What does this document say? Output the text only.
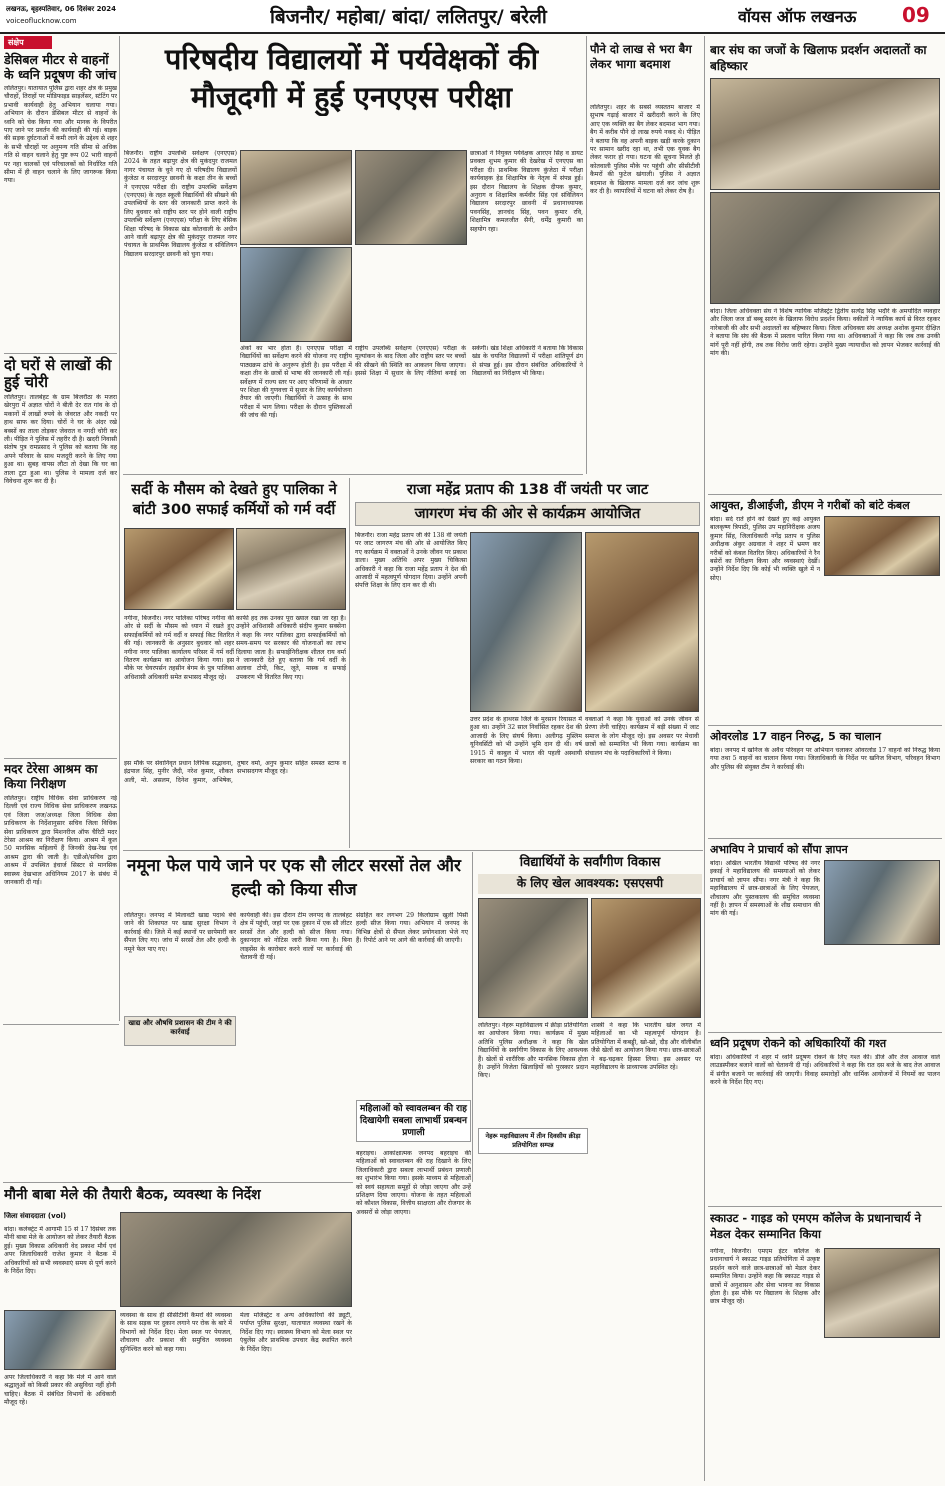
लखनऊ, बृहस्पतिवार, 06 दिसंबर 2024
voiceoflucknow.com	बिजनौर/ महोबा/ बांदा/ ललितपुर/ बरेली	वॉयस ऑफ लखनऊ	09
संक्षेप
डेसिबल मीटर से वाहनों के ध्वनि प्रदूषण की जांच
ललितपुर। यातायात पुलिस द्वारा शहर क्षेत्र के प्रमुख चौराहों, तिराहों पर मोडिफाइड साइलेंसर, स्टंटिंग पर प्रभावी कार्यवाही हेतु अभियान चलाया गया। अभियान के दौरान डेसिबल मीटर से वाहनों के ध्वनि को चेक किया गया और मानक के विपरीत पाए जाने पर प्रवर्तन की कार्यवाही की गई। बाइक की सड़क दुर्घटनाओं में कमी लाने के उद्देश्य से शहर के सभी चौराहों पर अनुमन्य गति सीमा से अधिक गति से वाहन चलाने हेतु पुष्ट रूप 02 भारी वाहनों पर नहा चालकों एवं परिचालकों को निर्धारित गति सीमा में ही वाहन चलाने के लिए जागरूक किया गया।
दो घरों से लाखों की हुई चोरी
ललितपुर। तालबेहट के ग्राम बिजरौठा के मजरा खेरपुरा में अज्ञात चोरों ने बीती देर रात गांव के दो मकानों में लाखों रुपये के जेवरात और नकदी पर हाथ साफ कर दिया। चोरों ने घर के अंदर रखे बक्सों का ताला तोड़कर जेवरात व नगदी चोरी कर ली। पीड़ित ने पुलिस में तहरीर दी है। खदरी निवासी संतोष पुत्र रामप्रसाद ने पुलिस को बताया कि वह अपने परिवार के साथ मजदूरी करने के लिए गया हुआ था। सुबह वापस लौटा तो देखा कि घर का ताला टूटा हुआ था। पुलिस ने मामला दर्ज कर विवेचना शुरू कर दी है।
मदर टेरेसा आश्रम का किया निरीक्षण
ललितपुर। राष्ट्रीय विधिक सेवा प्राधिकरण नई दिल्ली एवं राज्य विधिक सेवा प्राधिकरण लखनऊ एवं जिला जज/अध्यक्ष जिला विधिक सेवा प्राधिकरण के निर्देशानुसार सचिव जिला विधिक सेवा प्राधिकरण द्वारा मिशनरीज ऑफ चैरिटी मदर टेरेसा आश्रम का निरीक्षण किया। आश्रम में कुल 50 मानसिक महिलायें हैं जिनकी देख-रेख एवं आश्रम द्वारा की जाती है। एडीओ/सचिव द्वारा आश्रम में उपस्थित इंचार्ज सिस्टर से मानसिक स्वास्थ्य देखभाल अधिनियम 2017 के संबंध में जानकारी दी गई।
परिषदीय विद्यालयों में पर्यवेक्षकों की मौजूदगी में हुई एनएएस परीक्षा
बिजनौर। राष्ट्रीय उपलब्धि सर्वेक्षण (एनएएस) 2024 के तहत बढ़ापुर क्षेत्र की मुकंदपुर राजमल नागर पंचायत के चुने गए दो परिषदीय विद्यालयों कुंजेठा व सरदारपुर छावनी के कक्षा तीन के बच्चों ने एनएएस परीक्षा दी। राष्ट्रीय उपलब्धि सर्वेक्षण (एनएएस) के तहत स्कूली विद्यार्थियों की सीखने की उपलब्धियों के स्तर की जानकारी प्राप्त करने के लिए बुधवार को राष्ट्रीय स्तर पर होने वाली राष्ट्रीय उपलब्धि सर्वेक्षण (एनएएस) परीक्षा के लिए बेसिक शिक्षा परिषद के विकास खंड कोतवाली के अधीन आने वाली बढ़ापुर क्षेत्र की मुकंदपुर राजमल नगर पंचायत के प्राथमिक विद्यालय कुंजेठा व संविलियन विद्यालय सरदारपुर छावनी को चुना गया।
अंकों का भार होता है। एनएएस परीक्षा में विद्यार्थियों का सर्वेक्षण करने की योजना नए राष्ट्रीय पाठ्यक्रम ढांचे के अनुरूप होती है। इस परीक्षा में कक्षा तीन के छात्रों से भाषा की जानकारी ली गई। सर्वेक्षण में राज्य स्तर पर आए परिणामों के आधार पर शिक्षा की गुणवत्ता में सुधार के लिए कार्ययोजना तैयार की जाएगी। विद्यार्थियों ने उत्साह के साथ परीक्षा में भाग लिया। परीक्षा के दौरान पुस्तिकाओं की जांच की गई।
छात्राओं ने नियुक्त पर्यवेक्षक आरएन सिंह व डायट प्रवक्ता शुभम कुमार की देखरेख में एनएएस का परीक्षा दी। प्राथमिक विद्यालय कुंजेठा में परीक्षा कार्यवाहक हेड शिक्षामित्र के नेतृत्व में संपन्न हुई। इस दौरान विद्यालय के शिक्षक दीपक कुमार, अनुराग व शिक्षामित्र कर्मवीर सिंह एवं संविलियन विद्यालय सरदारपुर छावनी में प्रधानाध्यापक पवनसिंह, ज्ञानचंद सिंह, पवन कुमार रवि, शिक्षामित्र कमलजीत सैनी, धर्मेंद्र कुमारी का सहयोग रहा।
राष्ट्रीय उपलब्धि सर्वेक्षण (एनएएस) परीक्षा के मूल्यांकन के बाद जिला और राष्ट्रीय स्तर पर बच्चों की सीखने की स्थिति का आकलन किया जाएगा। इससे शिक्षा में सुधार के लिए नीतियां बनाई जा सकेंगी। खंड शिक्षा अधिकारी ने बताया कि विकास खंड के चयनित विद्यालयों में परीक्षा शांतिपूर्ण ढंग से संपन्न हुई। इस दौरान संबंधित अधिकारियों ने विद्यालयों का निरीक्षण भी किया।
सर्दी के मौसम को देखते हुए पालिका ने बांटी 300 सफाई कर्मियों को गर्म वर्दी
नगीना, बिजनौर। नगर पालिका परिषद नगीना की ओर से सर्दी के मौसम को ध्यान में रखते हुए सफाईकर्मियों को गर्म वर्दी व सफाई किट वितरित की गई। जानकारी के अनुसार बुधवार को शहर नगीना नगर पालिका कार्यालय परिसर में गर्म वर्दी वितरण कार्यक्रम का आयोजन किया गया। इस मौके पर चेयरपर्सन तहसीन बेगम के पुत्र पालिका अधिशासी अधिकारी समेत सभासद मौजूद रहे।
काफी हद तक उनका पूरा ख्याल रखा जा रहा है। उन्होंने अधिशासी अधिकारी संदीप कुमार सक्सेना ने कहा कि नगर पालिका द्वारा सफाईकर्मियों को समय-समय पर सरकार की योजनाओं का लाभ दिलाया जाता है। सफाईनिरीक्षक शीतल राय वर्मा ने जानकारी देते हुए बताया कि गर्म वर्दी के अलावा टोपी, किट, जूते, मास्क व सफाई उपकरण भी वितरित किए गए।
इस मौके पर सेवानिवृत प्रधान लिपिक सद्भावना, इंद्रपाल सिंह, मुनीर जैदी, नरेश कुमार, शौकत अली, मो. असलम, दिनेश कुमार, अभिषेक, तुषार वर्मा, अनुप कुमार सहित समस्त स्टाफ व सभासदगण मौजूद रहे।
राजा महेंद्र प्रताप की 138 वीं जयंती पर जाट
जागरण मंच की ओर से कार्यक्रम आयोजित
बिजनौर। राजा महेंद्र प्रताप जी की 138 वीं जयंती पर जाट जागरण मंच की ओर से आयोजित किए गए कार्यक्रम में वक्ताओं ने उनके जीवन पर प्रकाश डाला। मुख्य अतिथि अपर मुख्य चिकित्सा अधिकारी ने कहा कि राजा महेंद्र प्रताप ने देश की आजादी में महत्वपूर्ण योगदान दिया। उन्होंने अपनी संपत्ति शिक्षा के लिए दान कर दी थी।
उत्तर प्रदेश के हाथरस जिले के मुरसान रियासत में हुआ था। उन्होंने 32 साल निर्वासित रहकर देश की आजादी के लिए संघर्ष किया। अलीगढ़ मुस्लिम यूनिवर्सिटी को भी उन्होंने भूमि दान दी थी। वर्ष 1915 में काबुल में भारत की पहली अस्थायी सरकार का गठन किया।
वक्ताओं ने कहा कि युवाओं को उनके जीवन से प्रेरणा लेनी चाहिए। कार्यक्रम में बड़ी संख्या में जाट समाज के लोग मौजूद रहे। इस अवसर पर मेधावी छात्रों को सम्मानित भी किया गया। कार्यक्रम का संचालन मंच के पदाधिकारियों ने किया।
पौने दो लाख से भरा बैग लेकर भागा बदमाश
ललितपुर। शहर के सबसे व्यस्ततम बाजार में सुभाष गढ़ाई बाजार में खरीदारी करने के लिए आए एक व्यक्ति का बैग लेकर बदमाश भाग गया। बैग में करीब पौने दो लाख रुपये नकद थे। पीड़ित ने बताया कि वह अपनी बाइक खड़ी करके दुकान पर सामान खरीद रहा था, तभी एक युवक बैग लेकर फरार हो गया। घटना की सूचना मिलते ही कोतवाली पुलिस मौके पर पहुंची और सीसीटीवी कैमरों की फुटेज खंगाली। पुलिस ने अज्ञात बदमाश के खिलाफ मामला दर्ज कर जांच शुरू कर दी है। व्यापारियों में घटना को लेकर रोष है।
बार संघ का जजों के खिलाफ प्रदर्शन अदालतों का बहिष्कार
बांदा। जिला अधिवक्ता संघ ने विशेष न्यायिक मजिस्ट्रेट द्वितीय सत्येंद्र सिंह भदौरे के अमर्यादित व्यवहार और जिला जज डॉ बब्बू सारंग के खिलाफ विरोध प्रदर्शन किया। वकीलों ने न्यायिक कार्य से विरत रहकर नारेबाजी की और सभी अदालतों का बहिष्कार किया। जिला अधिवक्ता संघ अध्यक्ष अशोक कुमार दीक्षित ने बताया कि संघ की बैठक में प्रस्ताव पारित किया गया था। अधिवक्ताओं ने कहा कि जब तक उनकी मांगें पूरी नहीं होंगी, तब तक विरोध जारी रहेगा। उन्होंने मुख्य न्यायाधीश को ज्ञापन भेजकर कार्रवाई की मांग की।
आयुक्त, डीआईजी, डीएम ने गरीबों को बांटे कंबल
बांदा। सर्द रातें होने को देखते हुए कई आयुक्त बालकृष्ण त्रिपाठी, पुलिस उप महानिरीक्षक अजय कुमार सिंह, जिलाधिकारी नगेंद्र प्रताप व पुलिस अधीक्षक अंकुर अग्रवाल ने शहर में भ्रमण कर गरीबों को कंबल वितरित किए। अधिकारियों ने रैन बसेरों का निरीक्षण किया और व्यवस्थाएं देखीं। उन्होंने निर्देश दिए कि कोई भी व्यक्ति खुले में न सोए।
ओवरलोड 17 वाहन निरुद्ध, 5 का चालान
बांदा। जनपद में खनिज के अवैध परिवहन पर अभियान चलाकर ओवरलोड 17 वाहनों को निरुद्ध किया गया तथा 5 वाहनों का चालान किया गया। जिलाधिकारी के निर्देश पर खनिज विभाग, परिवहन विभाग और पुलिस की संयुक्त टीम ने कार्रवाई की।
अभाविप ने प्राचार्य को सौंपा ज्ञापन
बांदा। अखिल भारतीय विद्यार्थी परिषद की नगर इकाई ने महाविद्यालय की समस्याओं को लेकर प्राचार्य को ज्ञापन सौंपा। नगर मंत्री ने कहा कि महाविद्यालय में छात्र-छात्राओं के लिए पेयजल, शौचालय और पुस्तकालय की समुचित व्यवस्था नहीं है। ज्ञापन में समस्याओं के शीघ्र समाधान की मांग की गई।
ध्वनि प्रदूषण रोकने को अधिकारियों की गश्त
बांदा। अधिकारियों ने शहर में ध्वनि प्रदूषण रोकने के लिए गश्त की। डीजे और तेज आवाज वाले लाउडस्पीकर बजाने वालों को चेतावनी दी गई। अधिकारियों ने कहा कि रात दस बजे के बाद तेज आवाज में संगीत बजाने पर कार्रवाई की जाएगी। विवाह समारोहों और धार्मिक आयोजनों में नियमों का पालन करने के निर्देश दिए गए।
स्काउट - गाइड को एमएम कॉलेज के प्रधानाचार्य ने मेडल देकर सम्मानित किया
नगीना, बिजनौर। एमएम इंटर कॉलेज के प्रधानाचार्य ने स्काउट गाइड प्रतियोगिता में उत्कृष्ट प्रदर्शन करने वाले छात्र-छात्राओं को मेडल देकर सम्मानित किया। उन्होंने कहा कि स्काउट गाइड से छात्रों में अनुशासन और सेवा भावना का विकास होता है। इस मौके पर विद्यालय के शिक्षक और छात्र मौजूद रहे।
नमूना फेल पाये जाने पर एक सौ लीटर सरसों तेल और हल्दी को किया सीज
ललितपुर। जनपद में मिलावटी खाद्य पदार्थ बेचे जाने की शिकायत पर खाद्य सुरक्षा विभाग ने कार्रवाई की। जिले में कई स्थानों पर छापेमारी कर सैंपल लिए गए। जांच में सरसों तेल और हल्दी के नमूने फेल पाए गए।
खाद्य और औषधि प्रशासन की टीम ने की कार्रवाई
कार्यवाही की। इस दौरान टीम जनपद के तालबेहट क्षेत्र में पहुंची, जहां पर एक दुकान में एक सौ लीटर सरसों तेल और हल्दी को सीज किया गया। दुकानदार को नोटिस जारी किया गया है। बिना लाइसेंस के कारोबार करने वालों पर कार्रवाई की चेतावनी दी गई।
संग्रहित कर लगभग 29 किलोग्राम खुली पिसी हल्दी सीज किया गया। अभियान में जनपद के विभिन्न क्षेत्रों से सैंपल लेकर प्रयोगशाला भेजे गए हैं। रिपोर्ट आने पर आगे की कार्रवाई की जाएगी।
विद्यार्थियों के सर्वांगीण विकास
के लिए खेल आवश्यक: एसएसपी
ललितपुर। नेहरू महाविद्यालय में क्रीड़ा प्रतियोगिता का आयोजन किया गया। कार्यक्रम में मुख्य अतिथि पुलिस अधीक्षक ने कहा कि खेल विद्यार्थियों के सर्वांगीण विकास के लिए आवश्यक हैं। खेलों से शारीरिक और मानसिक विकास होता है। उन्होंने विजेता खिलाड़ियों को पुरस्कार प्रदान किए।
शास्त्री ने कहा कि भारतीय खेल जगत में महिलाओं का भी महत्वपूर्ण योगदान है। प्रतियोगिता में कबड्डी, खो-खो, दौड़ और वॉलीबॉल जैसे खेलों का आयोजन किया गया। छात्र-छात्राओं ने बढ़-चढ़कर हिस्सा लिया। इस अवसर पर महाविद्यालय के प्राध्यापक उपस्थित रहे।
नेहरू महाविद्यालय में तीन दिवसीय क्रीड़ा प्रतियोगिता सम्पन्न
महिलाओं को स्वावलम्बन की राह दिखायेगी सबला लाभार्थी प्रबन्धन प्रणाली
बहराइच। आकांक्षात्मक जनपद बहराइच की महिलाओं को स्वावलम्बन की राह दिखाने के लिए जिलाधिकारी द्वारा सबला लाभार्थी प्रबंधन प्रणाली का शुभारंभ किया गया। इसके माध्यम से महिलाओं को स्वयं सहायता समूहों से जोड़ा जाएगा और उन्हें प्रशिक्षण दिया जाएगा। योजना के तहत महिलाओं को कौशल विकास, वित्तीय साक्षरता और रोजगार के अवसरों से जोड़ा जाएगा।
मौनी बाबा मेले की तैयारी बैठक, व्यवस्था के निर्देश
जिला संवाददाता (vol)
बांदा। कलेक्ट्रेट में आगामी 15 से 17 दिसंबर तक मौनी बाबा मेले के आयोजन को लेकर तैयारी बैठक हुई। मुख्य विकास अधिकारी वेद प्रकाश मौर्य एवं अपर जिलाधिकारी राजेश कुमार ने बैठक में अधिकारियों को सभी व्यवस्थाएं समय से पूर्ण करने के निर्देश दिए।
व्यवस्था के साथ ही सीसीटीवी कैमरों की व्यवस्था के साथ सड़क पर दुकान लगाने पर रोक के बारे में विभागों को निर्देश दिए। मेला स्थल पर पेयजल, शौचालय और प्रकाश की समुचित व्यवस्था सुनिश्चित करने को कहा गया।
मेला मजिस्ट्रेट व अन्य अधिकारियों की ड्यूटी, पर्याप्त पुलिस सुरक्षा, यातायात व्यवस्था रखने के निर्देश दिए गए। स्वास्थ्य विभाग को मेला स्थल पर एंबुलेंस और प्राथमिक उपचार केंद्र स्थापित करने के निर्देश दिए।
अपर जिलाधिकारी ने कहा कि मेले में आने वाले श्रद्धालुओं को किसी प्रकार की असुविधा नहीं होनी चाहिए। बैठक में संबंधित विभागों के अधिकारी मौजूद रहे।
